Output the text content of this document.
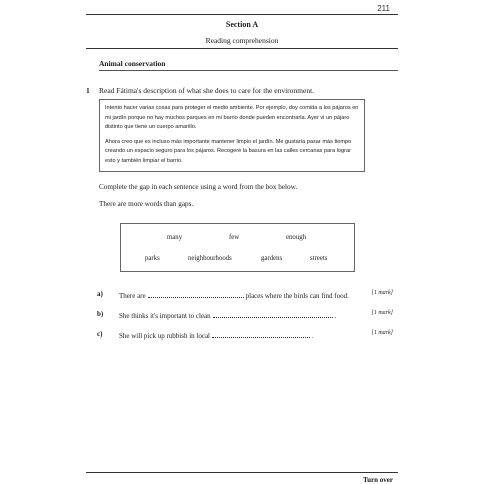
211
Section A
Reading comprehension
Animal conservation
1 Read Fátima's description of what she does to care for the environment.

Intento hacer varias cosas para proteger el medio ambiente. Por ejemplo, doy comida a los pájaros en mi jardín porque no hay muchos parques en mi barrio donde pueden encontrarla. Ayer vi un pájaro distinto que tiene un cuerpo amarillo.

Ahora creo que es incluso más importante mantener limpio el jardín. Me gustaría pasar más tiempo creando un espacio seguro para los pájaros. Recogeré la basura en las calles cercanas para lograr esto y también limpiar el barrio.

Complete the gap in each sentence using a word from the box below.
There are more words than gaps.
many	few	enough
parks	neighbourhoods	gardens	streets
a) There are	places where the birds can find food.	[1 mark]
b) She thinks it's important to clean	.	[1 mark]
c) She will pick up rubbish in local	.	[1 mark]
Turn over
